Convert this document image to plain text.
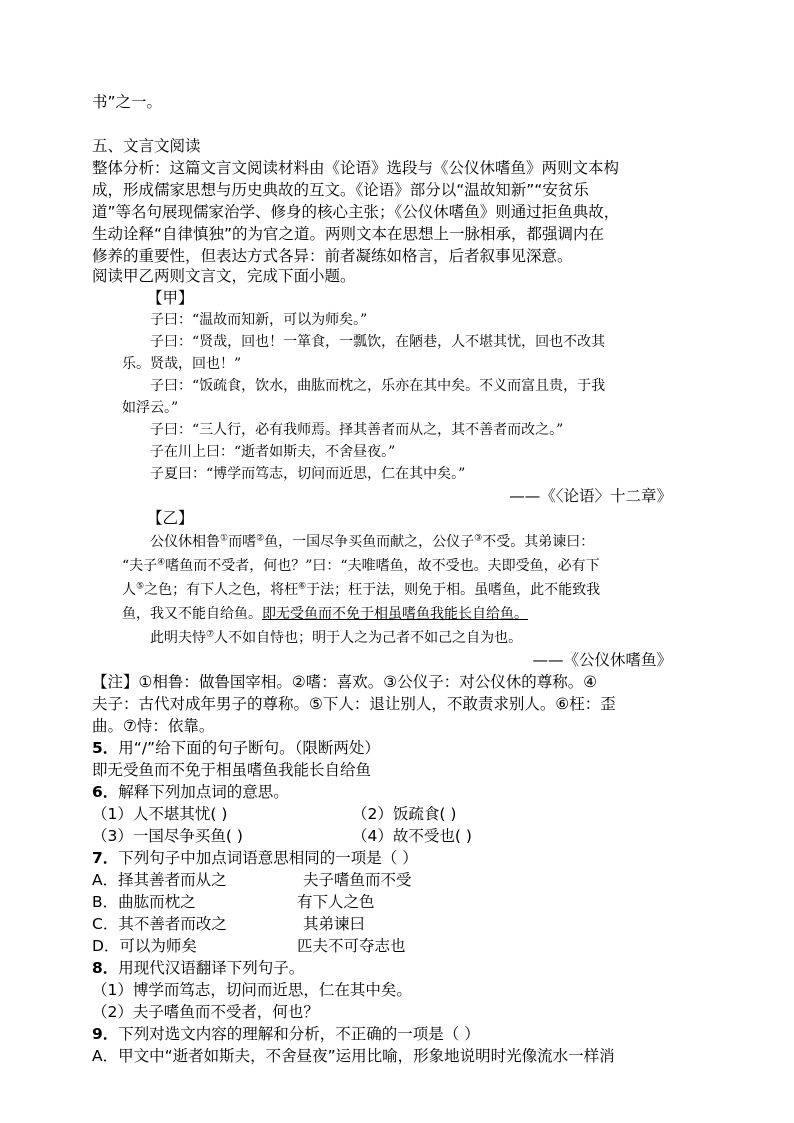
书”之一。
五、文言文阅读
整体分析：这篇文言文阅读材料由《论语》选段与《公仪休嗜鱼》两则文本构
成，形成儒家思想与历史典故的互文。《论语》部分以“温故知新”“安贫乐
道”等名句展现儒家治学、修身的核心主张；《公仪休嗜鱼》则通过拒鱼典故，
生动诠释“自律慎独”的为官之道。两则文本在思想上一脉相承，都强调内在
修养的重要性，但表达方式各异：前者凝练如格言，后者叙事见深意。
阅读甲乙两则文言文，完成下面小题。
【甲】
子曰：“温故而知新，可以为师矣。”
子曰：“贤哉，回也！一箪食，一瓢饮，在陋巷，人不堪其忧，回也不改其
乐。贤哉，回也！”
子曰：“饭疏食，饮水，曲肱而枕之，乐亦在其中矣。不义而富且贵，于我
如浮云。”
子曰：“三人行，必有我师焉。择其善者而从之，其不善者而改之。”
子在川上曰：“逝者如斯夫，不舍昼夜。”
子夏曰：“博学而笃志，切问而近思，仁在其中矣。”
——《〈论语〉十二章》
【乙】
公仪休相鲁①而嗜②鱼，一国尽争买鱼而献之，公仪子③不受。其弟谏曰：
“夫子④嗜鱼而不受者，何也？”曰：“夫唯嗜鱼，故不受也。夫即受鱼，必有下
人⑤之色；有下人之色，将枉⑥于法；枉于法，则免于相。虽嗜鱼，此不能致我
鱼，我又不能自给鱼。即无受鱼而不免于相虽嗜鱼我能长自给鱼。
此明夫恃⑦人不如自恃也；明于人之为己者不如己之自为也。
——《公仪休嗜鱼》
【注】①相鲁：做鲁国宰相。②嗜：喜欢。③公仪子：对公仪休的尊称。④
夫子：古代对成年男子的尊称。⑤下人：退让别人，不敢责求别人。⑥枉：歪
曲。⑦恃：依靠。
5．用“/”给下面的句子断句。（限断两处）
即无受鱼而不免于相虽嗜鱼我能长自给鱼
6．解释下列加点词的意思。
（1）人不堪其忧( )	（2）饭疏食( )
（3）一国尽争买鱼( )	（4）故不受也( )
7．下列句子中加点词语意思相同的一项是（ ）
A．择其善者而从之	夫子嗜鱼而不受
B．曲肱而枕之	有下人之色
C．其不善者而改之	其弟谏曰
D．可以为师矣	匹夫不可夺志也
8．用现代汉语翻译下列句子。
（1）博学而笃志，切问而近思，仁在其中矣。
（2）夫子嗜鱼而不受者，何也？
9．下列对选文内容的理解和分析，不正确的一项是（ ）
A．甲文中“逝者如斯夫，不舍昼夜”运用比喻，形象地说明时光像流水一样消
